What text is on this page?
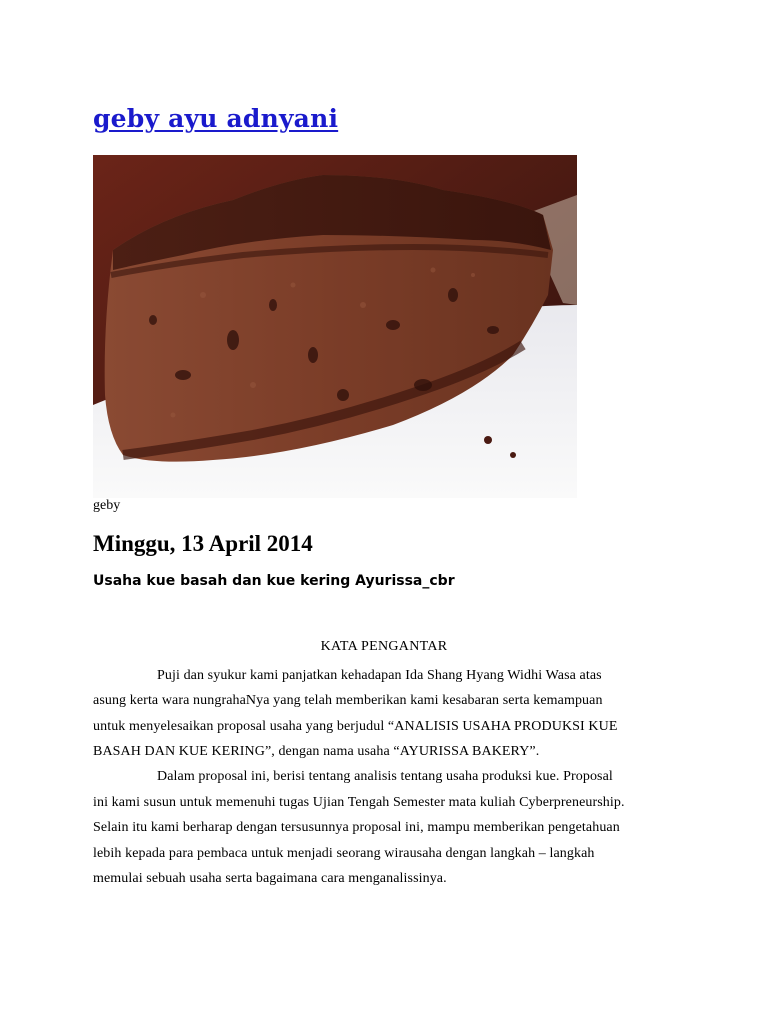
geby ayu adnyani
geby
Minggu, 13 April 2014
Usaha kue basah dan kue kering Ayurissa_cbr
KATA PENGANTAR
Puji dan syukur kami panjatkan kehadapan Ida Shang Hyang Widhi Wasa atas
asung kerta wara nungrahaNya yang telah memberikan kami kesabaran serta kemampuan
untuk menyelesaikan proposal usaha yang berjudul “ANALISIS USAHA PRODUKSI KUE
BASAH DAN KUE KERING”, dengan nama usaha “AYURISSA BAKERY”.
Dalam proposal ini, berisi tentang analisis tentang usaha produksi kue. Proposal
ini kami susun untuk memenuhi tugas Ujian Tengah Semester mata kuliah Cyberpreneurship.
Selain itu kami berharap dengan tersusunnya proposal ini, mampu memberikan pengetahuan
lebih kepada para pembaca untuk menjadi seorang wirausaha dengan langkah – langkah
memulai sebuah usaha serta bagaimana cara menganalissinya.
